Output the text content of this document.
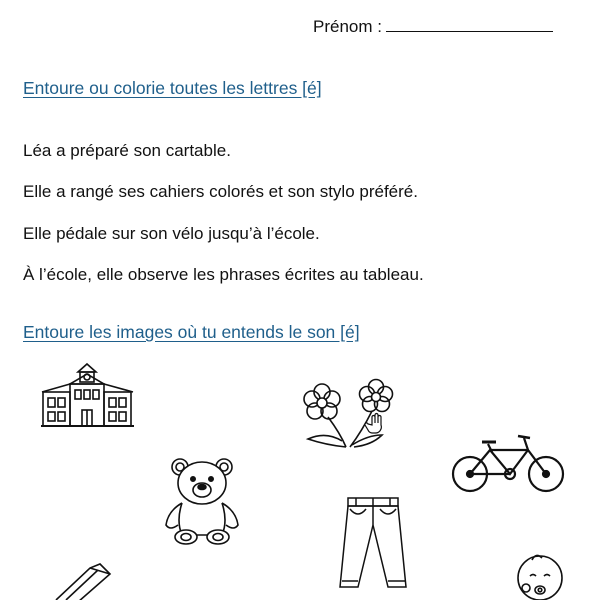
Prénom :
Entoure ou colorie toutes les lettres [é]
Léa a préparé son cartable.
Elle a rangé ses cahiers colorés et son stylo préféré.
Elle pédale sur son vélo jusqu’à l’école.
À l’école, elle observe les phrases écrites au tableau.
Entoure les images où tu entends le son [é]
